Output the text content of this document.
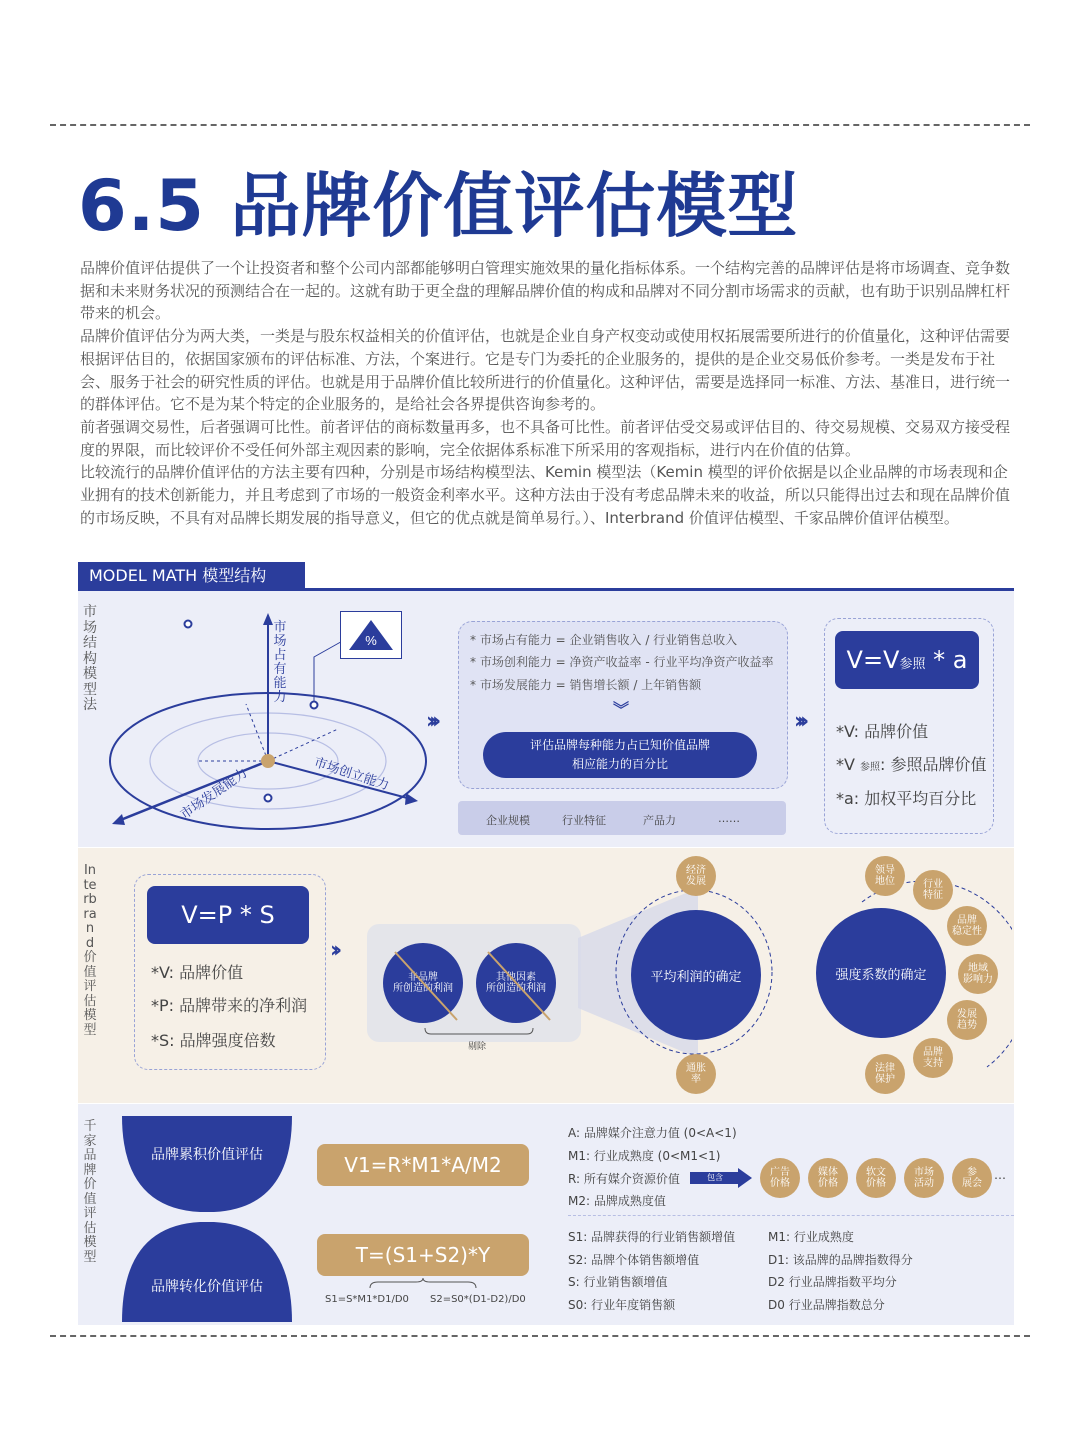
6.5 品牌价值评估模型

品牌价值评估提供了一个让投资者和整个公司内部都能够明白管理实施效果的量化指标体系。一个结构完善的品牌评估是将市场调查、竞争数据和未来财务状况的预测结合在一起的。这就有助于更全盘的理解品牌价值的构成和品牌对不同分割市场需求的贡献，也有助于识别品牌杠杆带来的机会。

品牌价值评估分为两大类，一类是与股东权益相关的价值评估，也就是企业自身产权变动或使用权拓展需要所进行的价值量化，这种评估需要根据评估目的，依据国家颁布的评估标准、方法，个案进行。它是专门为委托的企业服务的，提供的是企业交易低价参考。一类是发布于社会、服务于社会的研究性质的评估。也就是用于品牌价值比较所进行的价值量化。这种评估，需要是选择同一标准、方法、基准日，进行统一的群体评估。它不是为某个特定的企业服务的，是给社会各界提供咨询参考的。

前者强调交易性，后者强调可比性。前者评估的商标数量再多，也不具备可比性。前者评估受交易或评估目的、待交易规模、交易双方接受程度的界限，而比较评价不受任何外部主观因素的影响，完全依据体系标准下所采用的客观指标，进行内在价值的估算。

比较流行的品牌价值评估的方法主要有四种，分别是市场结构模型法、Kemin 模型法（Kemin 模型的评价依据是以企业品牌的市场表现和企业拥有的技术创新能力，并且考虑到了市场的一般资金利率水平。这种方法由于没有考虑品牌未来的收益，所以只能得出过去和现在品牌价值的市场反映，不具有对品牌长期发展的指导意义，但它的优点就是简单易行。）、Interbrand 价值评估模型、千家品牌价值评估模型。

MODEL MATH 模型结构
市场结构模型法
市场占有能力
市场发展能力	市场创立能力
%
›››
* 市场占有能力 = 企业销售收入 / 行业销售总收入
* 市场创利能力 = 净资产收益率 - 行业平均净资产收益率
* 市场发展能力 = 销售增长额 / 上年销售额
︾
评估品牌每种能力占已知价值品牌
相应能力的百分比
企业规模	行业特征	产品力	……
›››
V=V参照 * a
*V: 品牌价值
*V 参照: 参照品牌价值
*a: 加权平均百分比
Interbrand价值评估模型
V=P * S
*V: 品牌价值
*P: 品牌带来的净利润
*S: 品牌强度倍数
››
非品牌
所创造的利润
其他因素
所创造的利润
剔除
平均利润的确定
经济
发展
通胀
率
强度系数的确定
领导
地位	行业
特征
品牌
稳定性
地域
影响力
发展
趋势
品牌
支持
法律
保护
千家品牌价值评估模型
品牌累积价值评估
品牌转化价值评估
V1=R*M1*A/M2
T=(S1+S2)*Y
S1=S*M1*D1/D0 S2=S0*(D1-D2)/D0
A: 品牌媒介注意力值 (0<A<1)
M1: 行业成熟度 (0<M1<1)
R: 所有媒介资源价值
M2: 品牌成熟度值
包含	广告
价格
媒体
价格
软文
价格
市场
活动
参
展会
…
S1: 品牌获得的行业销售额增值
S2: 品牌个体销售额增值
S: 行业销售额增值
S0: 行业年度销售额
M1: 行业成熟度
D1: 该品牌的品牌指数得分
D2 行业品牌指数平均分
D0 行业品牌指数总分
